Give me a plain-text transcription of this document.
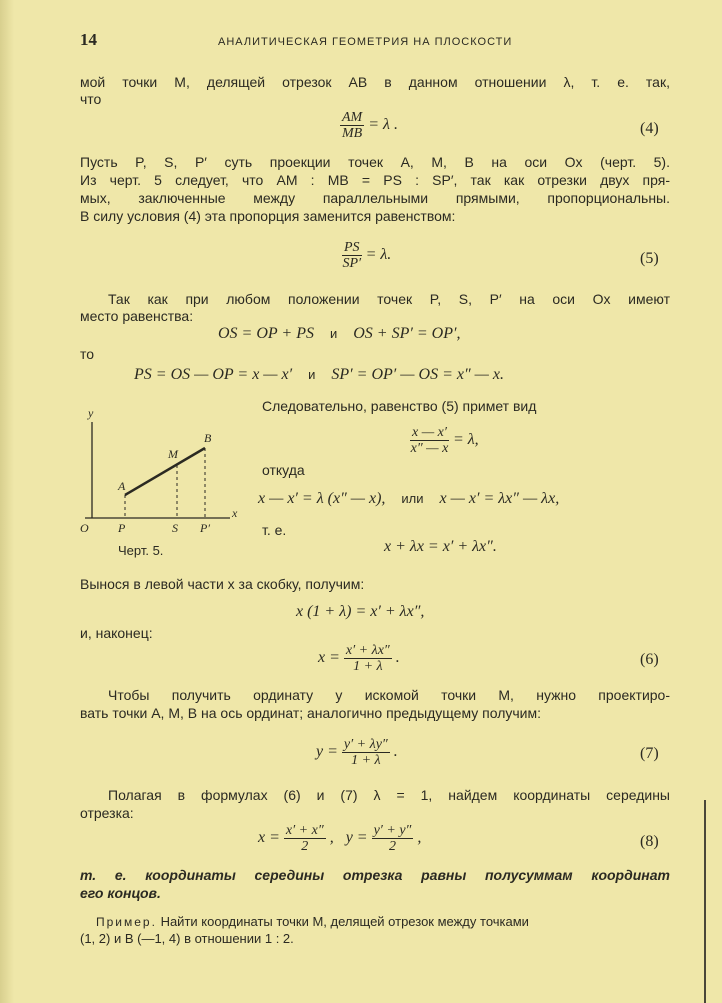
14	АНАЛИТИЧЕСКАЯ ГЕОМЕТРИЯ НА ПЛОСКОСТИ
мой точки M, делящей отрезок AB в данном отношении λ, т. е. так,
что
$\frac{AM}{MB} = \lambda$ .	(4)
Пусть P, S, P′ суть проекции точек A, M, B на оси Ox (черт. 5).
Из черт. 5 следует, что AM : MB = PS : SP′, так как отрезки двух пря-
мых, заключенные между параллельными прямыми, пропорциональны.
В силу условия (4) эта пропорция заменится равенством:
$\frac{PS}{SP'} = \lambda$.	(5)
Так как при любом положении точек P, S, P′ на оси Ox имеют
место равенства:
OS = OP + PS и OS + SP′ = OP′,
то
PS = OS — OP = x — x′ и SP′ = OP′ — OS = x″ — x.
y
x
O P	S P′
A
M
B
Черт. 5.
Следовательно, равенство (5) примет вид
$\frac{x — x'}{x'' — x} = \lambda$,
откуда
x — x′ = λ (x″ — x), или x — x′ = λx″ — λx,
т. е.
x + λx = x′ + λx″.
Вынося в левой части x за скобку, получим:
x (1 + λ) = x′ + λx″,
и, наконец:
$x = \frac{x' + \lambda x''}{1 + \lambda}$ .	(6)
Чтобы получить ординату y искомой точки M, нужно проектиро-
вать точки A, M, B на ось ординат; аналогично предыдущему получим:
$y = \frac{y' + \lambda y''}{1 + \lambda}$ .	(7)
Полагая в формулах (6) и (7) λ = 1, найдем координаты середины
отрезка:
$x = \frac{x' + x''}{2}$ ,   $y = \frac{y' + y''}{2}$ ,	(8)
т. е. координаты середины отрезка равны полусуммам координат
его концов.
Пример. Найти координаты точки M, делящей отрезок между точками
(1, 2) и B (—1, 4) в отношении 1 : 2.
